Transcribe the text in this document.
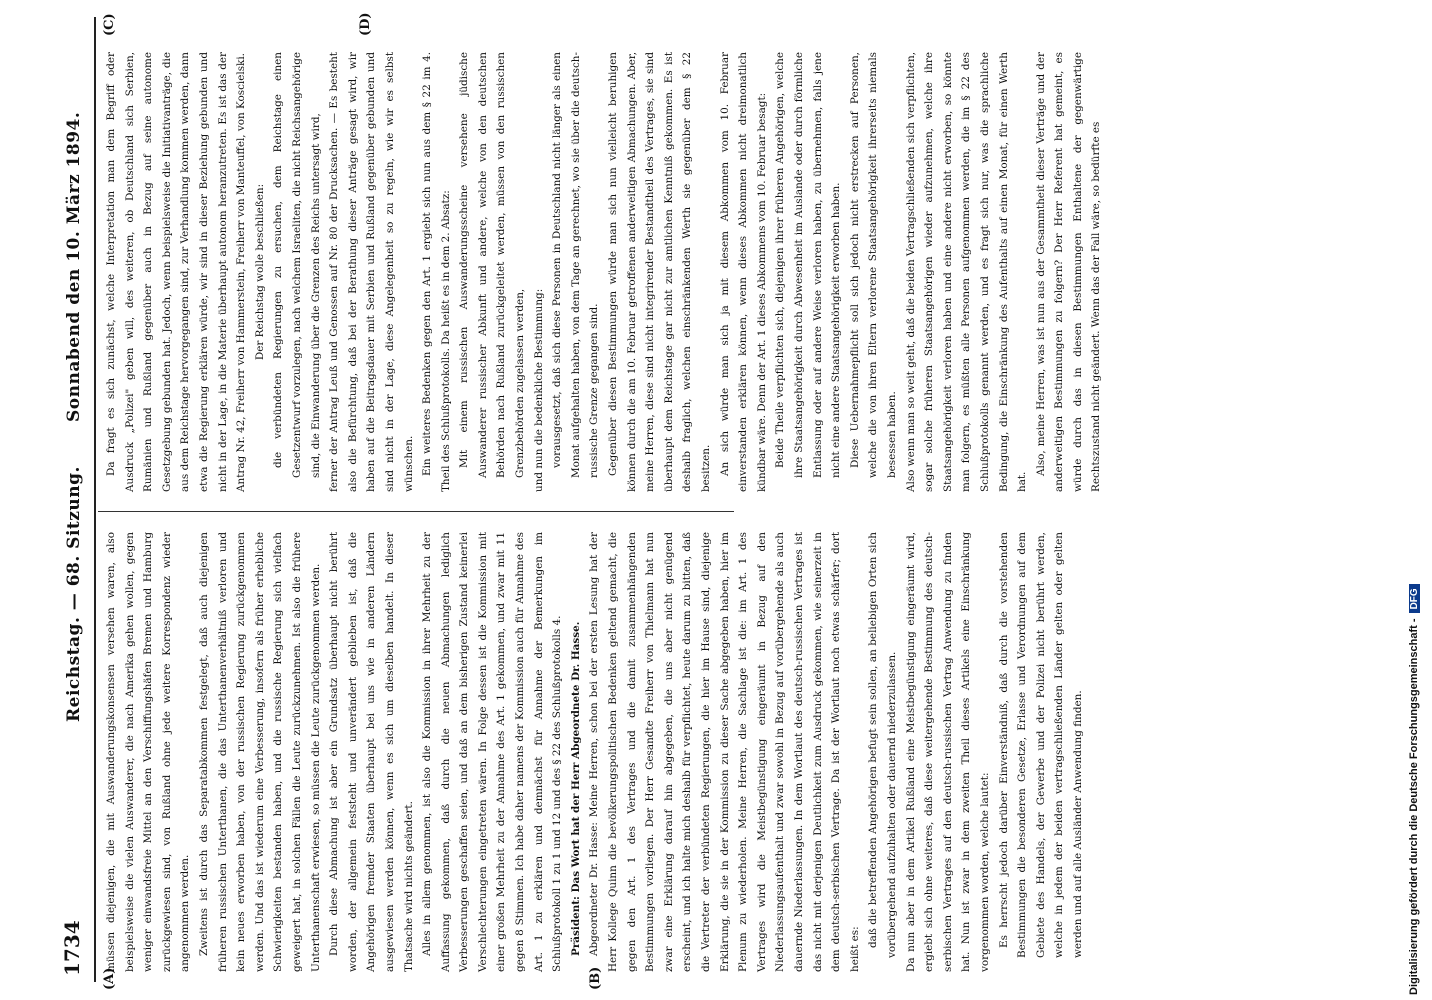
1734
Reichstag. — 68. Sitzung.
Sonnabend den 10. März 1894.
(A)	(B)
(C)	(D)

müssen diejenigen, die mit Auswanderungskonsensen versehen waren, also beispielsweise die vielen Auswanderer, die nach Amerika gehen wollen, gegen weniger einwandsfreie Mittel an den Verschiffungshäfen Bremen und Hamburg zurückgewiesen sind, von Rußland ohne jede weitere Korrespondenz wieder angenommen werden. Zweitens ist durch das Separatabkommen festgelegt, daß auch diejenigen früheren russischen Unterthanen, die das Unterthanenverhältniß verloren und kein neues erworben haben, von der russischen Regierung zurückgenommen werden. Und das ist wiederum eine Verbesserung, insofern als früher erhebliche Schwierigkeiten bestanden haben, und die russische Regierung sich vielfach geweigert hat, in solchen Fällen die Leute zurückzunehmen. Ist also die frühere Unterthanenschaft erwiesen, so müssen die Leute zurückgenommen werden. Durch diese Abmachung ist aber ein Grundsatz überhaupt nicht berührt worden, der allgemein feststeht und unverändert geblieben ist, daß die Angehörigen fremder Staaten überhaupt bei uns wie in anderen Ländern ausgewiesen werden können, wenn es sich um dieselben handelt. In dieser Thatsache wird nichts geändert. Alles in allem genommen, ist also die Kommission in ihrer Mehrheit zu der Auffassung gekommen, daß durch die neuen Abmachungen lediglich Verbesserungen geschaffen seien, und daß an dem bisherigen Zustand keinerlei Verschlechterungen eingetreten wären. In Folge dessen ist die Kommission mit einer großen Mehrheit zu der Annahme des Art. 1 gekommen, und zwar mit 11 gegen 8 Stimmen. Ich habe daher namens der Kommission auch für Annahme des Art. 1 zu erklären und demnächst für Annahme der Bemerkungen im Schlußprotokoll 1 zu 1 und 12 und des § 22 des Schlußprotokolls 4. Präsident: Das Wort hat der Herr Abgeordnete Dr. Hasse. Abgeordneter Dr. Hasse: Meine Herren, schon bei der ersten Lesung hat der Herr Kollege Quinn die bevölkerungspolitischen Bedenken geltend gemacht, die gegen den Art. 1 des Vertrages und die damit zusammenhängenden Bestimmungen vorliegen. Der Herr Gesandte Freiherr von Thielmann hat nun zwar eine Erklärung darauf hin abgegeben, die uns aber nicht genügend erscheint, und ich halte mich deshalb für verpflichtet, heute darum zu bitten, daß die Vertreter der verbündeten Regierungen, die hier im Hause sind, diejenige Erklärung, die sie in der Kommission zu dieser Sache abgegeben haben, hier im Plenum zu wiederholen. Meine Herren, die Sachlage ist die: im Art. 1 des Vertrages wird die Meistbegünstigung eingeräumt in Bezug auf den Niederlassungsaufenthalt und zwar sowohl in Bezug auf vorübergehende als auch dauernde Niederlassungen. In dem Wortlaut des deutsch-russischen Vertrages ist das nicht mit derjenigen Deutlichkeit zum Ausdruck gekommen, wie seinerzeit in dem deutsch-serbischen Vertrage. Da ist der Wortlaut noch etwas schärfer; dort heißt es:

daß die betreffenden Angehörigen befugt sein sollen, an beliebigen Orten sich vorübergehend aufzuhalten oder dauernd niederzulassen. Da nun aber in dem Artikel Rußland eine Meistbegünstigung eingeräumt wird, ergiebt sich ohne weiteres, daß diese weitergehende Bestimmung des deutsch-serbischen Vertrages auf den deutsch-russischen Vertrag Anwendung zu finden hat. Nun ist zwar in dem zweiten Theil dieses Artikels eine Einschränkung vorgenommen worden, welche lautet: Es herrscht jedoch darüber Einverständniß, daß durch die vorstehenden Bestimmungen die besonderen Gesetze, Erlasse und Verordnungen auf dem Gebiete des Handels, der Gewerbe und der Polizei nicht berührt werden, welche in jedem der beiden vertragschließenden Länder gelten oder gelten werden und auf alle Ausländer Anwendung finden.

Da fragt es sich zunächst, welche Interpretation man dem Begriff oder Ausdruck „Polizei" geben will, des weiteren, ob Deutschland sich Serbien, Rumänien und Rußland gegenüber auch in Bezug auf seine autonome Gesetzgebung gebunden hat. Jedoch, wenn beispielsweise die Initiativanträge, die aus dem Reichstage hervorgegangen sind, zur Verhandlung kommen werden, dann etwa die Regierung erklären würde, wir sind in dieser Beziehung gebunden und nicht in der Lage, in die Materie überhaupt autonom heranzutreten. Es ist das der Antrag Nr. 42, Freiherr von Hammerstein, Freiherr von Manteuffel, von Koscielski. Der Reichstag wolle beschließen: die verbündeten Regierungen zu ersuchen, dem Reichstage einen Gesetzentwurf vorzulegen, nach welchem Israeliten, die nicht Reichsangehörige sind, die Einwanderung über die Grenzen des Reichs untersagt wird, ferner der Antrag Leuß und Genossen auf Nr. 80 der Drucksachen. — Es besteht also die Befürchtung, daß bei der Berathung dieser Anträge gesagt wird, wir haben auf die Beitragsdauer mit Serbien und Rußland gegenüber gebunden und sind nicht in der Lage, diese Angelegenheit so zu regeln, wie wir es selbst wünschen. Ein weiteres Bedenken gegen den Art. 1 ergiebt sich nun aus dem § 22 im 4. Theil des Schlußprotokolls. Da heißt es in dem 2. Absatz: Mit einem russischen Auswanderungsscheine versehene jüdische Auswanderer russischer Abkunft und andere, welche von den deutschen Behörden nach Rußland zurückgeleitet werden, müssen von den russischen Grenzbehörden zugelassen werden, und nun die bedenkliche Bestimmung: vorausgesetzt, daß sich diese Personen in Deutschland nicht länger als einen Monat aufgehalten haben, von dem Tage an gerechnet, wo sie über die deutsch-russische Grenze gegangen sind. Gegenüber diesen Bestimmungen würde man sich nun vielleicht beruhigen können durch die am 10. Februar getroffenen anderweitigen Abmachungen. Aber, meine Herren, diese sind nicht integrirender Bestandtheil des Vertrages, sie sind überhaupt dem Reichstage gar nicht zur amtlichen Kenntniß gekommen. Es ist deshalb fraglich, welchen einschränkenden Werth sie gegenüber dem § 22 besitzen. An sich würde man sich ja mit diesem Abkommen vom 10. Februar einverstanden erklären können, wenn dieses Abkommen nicht dreimonatlich kündbar wäre. Denn der Art. 1 dieses Abkommens vom 10. Februar besagt: Beide Theile verpflichten sich, diejenigen ihrer früheren Angehörigen, welche ihre Staatsangehörigkeit durch Abwesenheit im Auslande oder durch förmliche Entlassung oder auf andere Weise verloren haben, zu übernehmen, falls jene nicht eine andere Staatsangehörigkeit erworben haben. Diese Uebernahmepflicht soll sich jedoch nicht erstrecken auf Personen, welche die von ihren Eltern verlorene Staatsangehörigkeit ihrerseits niemals besessen haben. Also wenn man so weit geht, daß die beiden Vertragschließenden sich verpflichten, sogar solche früheren Staatsangehörigen wieder aufzunehmen, welche ihre Staatsangehörigkeit verloren haben und eine andere nicht erworben, so könnte man folgern, es müßten alle Personen aufgenommen werden, die im § 22 des Schlußprotokolls genannt werden, und es fragt sich nur, was die sprachliche Bedingung, die Einschränkung des Aufenthalts auf einen Monat, für einen Werth hat.

Also, meine Herren, was ist nun aus der Gesammtheit dieser Verträge und der anderweitigen Bestimmungen zu folgern? Der Herr Referent hat gemeint, es würde durch das in diesen Bestimmungen Enthaltene der gegenwärtige Rechtszustand nicht geändert. Wenn das der Fall wäre, so bedürfte es

Digitalisierung gefördert durch die Deutsche Forschungsgemeinschaft - DFG
